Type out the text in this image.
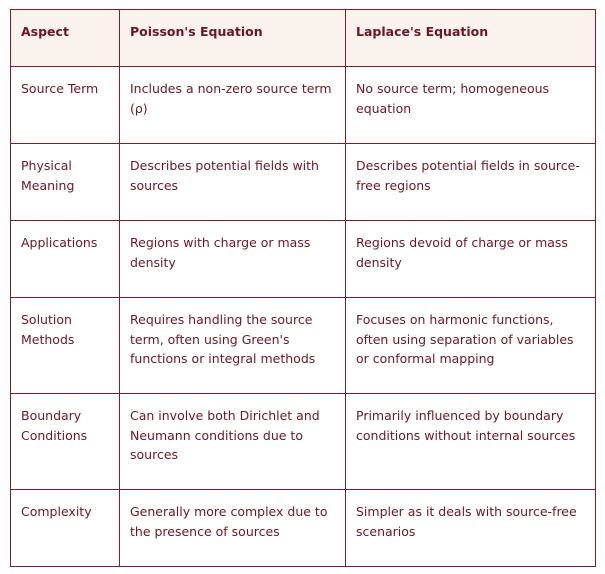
Aspect	Poisson's Equation	Laplace's Equation
Source Term	Includes a non-zero source term (ρ)	No source term; homogeneous equation
Physical Meaning	Describes potential fields with sources	Describes potential fields in source-free regions
Applications	Regions with charge or mass density	Regions devoid of charge or mass density
Solution Methods	Requires handling the source term, often using Green's functions or integral methods	Focuses on harmonic functions, often using separation of variables or conformal mapping
Boundary Conditions	Can involve both Dirichlet and Neumann conditions due to sources	Primarily influenced by boundary conditions without internal sources
Complexity	Generally more complex due to the presence of sources	Simpler as it deals with source-free scenarios
